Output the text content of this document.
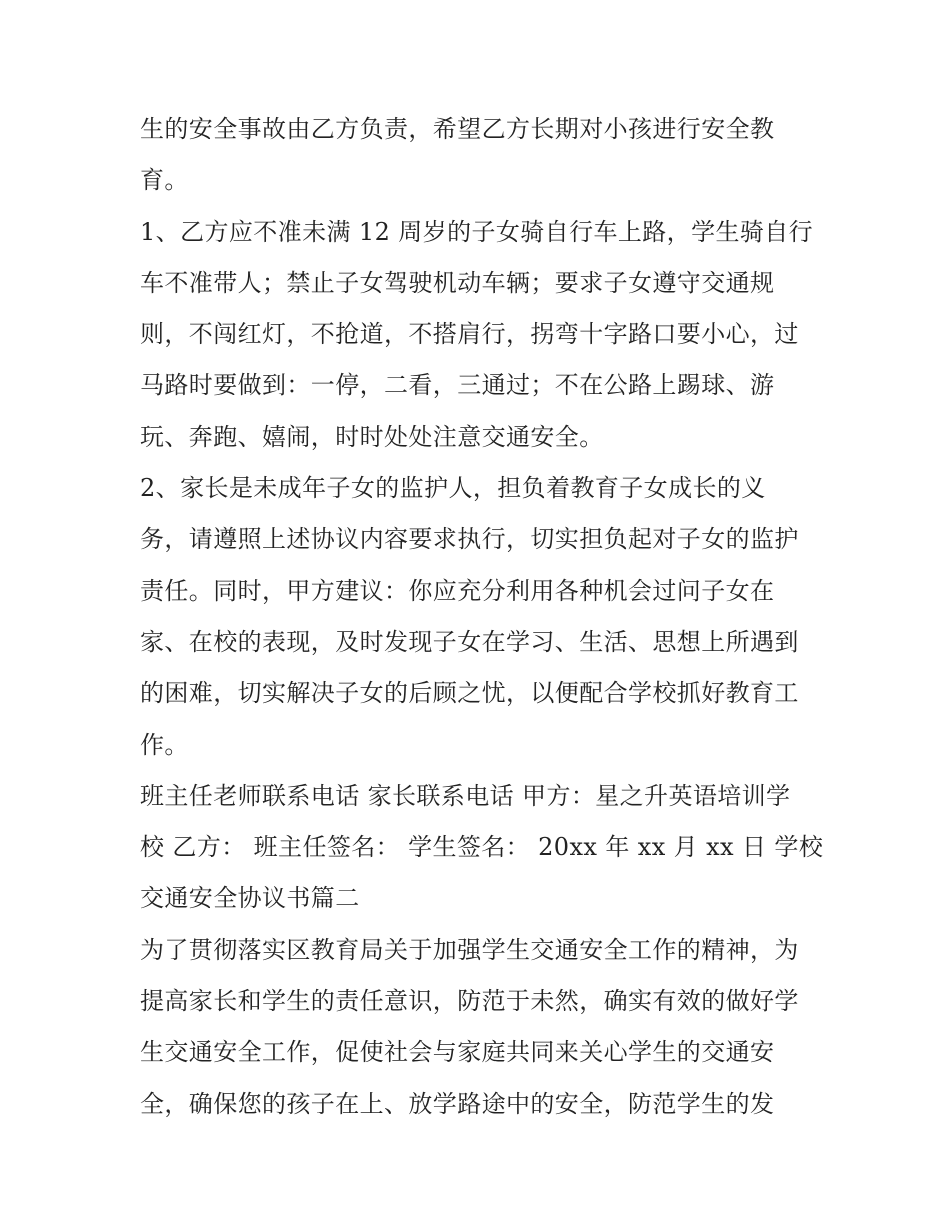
生的安全事故由乙方负责，希望乙方长期对小孩进行安全教
育。
1、乙方应不准未满 12 周岁的子女骑自行车上路，学生骑自行
车不准带人；禁止子女驾驶机动车辆；要求子女遵守交通规
则，不闯红灯，不抢道，不搭肩行，拐弯十字路口要小心，过
马路时要做到：一停，二看，三通过；不在公路上踢球、游
玩、奔跑、嬉闹，时时处处注意交通安全。
2、家长是未成年子女的监护人，担负着教育子女成长的义
务，请遵照上述协议内容要求执行，切实担负起对子女的监护
责任。同时，甲方建议：你应充分利用各种机会过问子女在
家、在校的表现，及时发现子女在学习、生活、思想上所遇到
的困难，切实解决子女的后顾之忧，以便配合学校抓好教育工
作。
班主任老师联系电话 家长联系电话 甲方：星之升英语培训学
校 乙方： 班主任签名： 学生签名： 20xx 年 xx 月 xx 日 学校
交通安全协议书篇二
为了贯彻落实区教育局关于加强学生交通安全工作的精神，为
提高家长和学生的责任意识，防范于未然，确实有效的做好学
生交通安全工作，促使社会与家庭共同来关心学生的交通安
全，确保您的孩子在上、放学路途中的安全，防范学生的发
